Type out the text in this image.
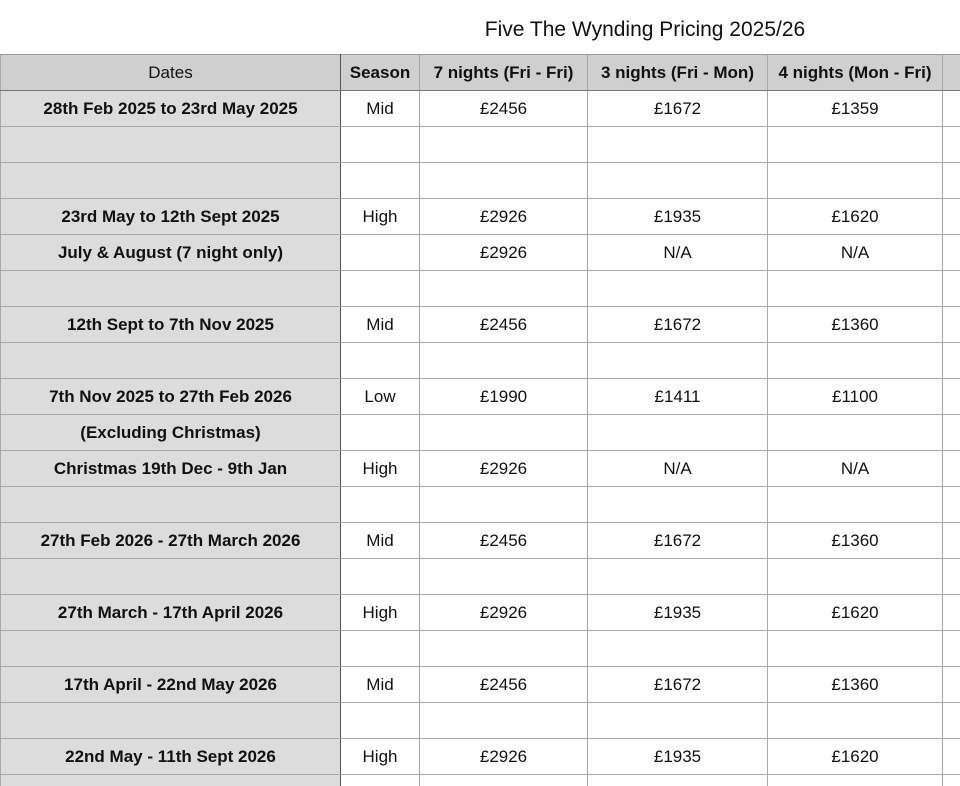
Five The Wynding Pricing 2025/26
Dates	Season	7 nights (Fri - Fri)	3 nights (Fri - Mon)	4 nights (Mon - Fri)	
28th Feb 2025 to 23rd May 2025	Mid	£2456	£1672	£1359	

23rd May to 12th Sept 2025	High	£2926	£1935	£1620	
July & August (7 night only)		£2926	N/A	N/A	

12th Sept to 7th Nov 2025	Mid	£2456	£1672	£1360	

7th Nov 2025 to 27th Feb 2026	Low	£1990	£1411	£1100	
(Excluding Christmas)					
Christmas 19th Dec - 9th Jan	High	£2926	N/A	N/A	

27th Feb 2026 - 27th March 2026	Mid	£2456	£1672	£1360	

27th March - 17th April 2026	High	£2926	£1935	£1620	

17th April - 22nd May 2026	Mid	£2456	£1672	£1360	

22nd May - 11th Sept 2026	High	£2926	£1935	£1620	
